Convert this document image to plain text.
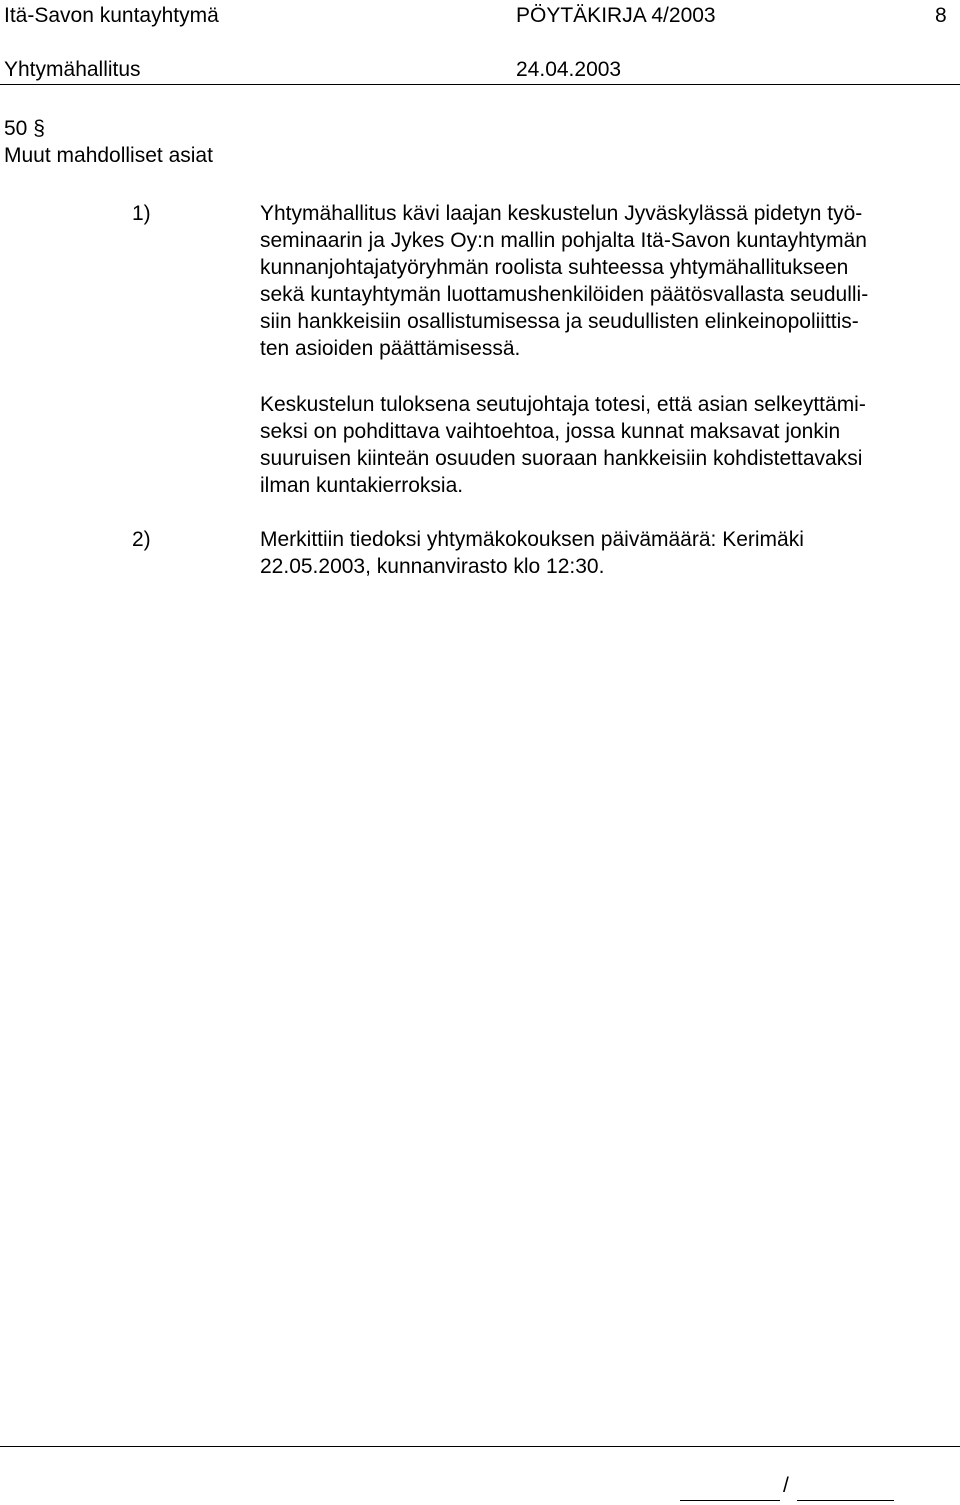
Itä-Savon kuntayhtymä	PÖYTÄKIRJA 4/2003	8
Yhtymähallitus	24.04.2003
50 §
Muut mahdolliset asiat
1)	Yhtymähallitus kävi laajan keskustelun Jyväskylässä pidetyn työ-
seminaarin ja Jykes Oy:n mallin pohjalta Itä-Savon kuntayhtymän
kunnanjohtajatyöryhmän roolista suhteessa yhtymähallitukseen
sekä kuntayhtymän luottamushenkilöiden päätösvallasta seudulli-
siin hankkeisiin osallistumisessa ja seudullisten elinkeinopoliittis-
ten asioiden päättämisessä.
Keskustelun tuloksena seutujohtaja totesi, että asian selkeyttämi-
seksi on pohdittava vaihtoehtoa, jossa kunnat maksavat jonkin
suuruisen kiinteän osuuden suoraan hankkeisiin kohdistettavaksi
ilman kuntakierroksia.
2)	Merkittiin tiedoksi yhtymäkokouksen päivämäärä: Kerimäki
22.05.2003, kunnanvirasto klo 12:30.
/
